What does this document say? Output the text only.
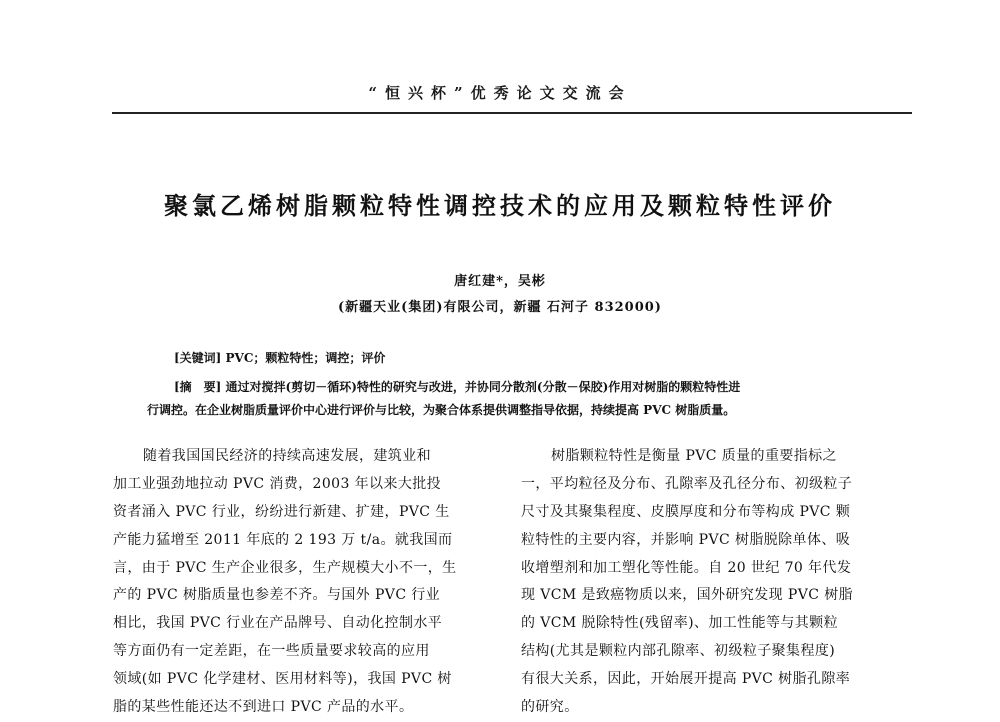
“恒兴杯”优秀论文交流会
聚氯乙烯树脂颗粒特性调控技术的应用及颗粒特性评价
唐红建*，吴彬
(新疆天业(集团)有限公司，新疆 石河子 832000)
[关键词] PVC；颗粒特性；调控；评价
[摘　要] 通过对搅拌(剪切－循环)特性的研究与改进，并协同分散剂(分散－保胶)作用对树脂的颗粒特性进
行调控。在企业树脂质量评价中心进行评价与比较，为聚合体系提供调整指导依据，持续提高 PVC 树脂质量。
随着我国国民经济的持续高速发展，建筑业和
加工业强劲地拉动 PVC 消费，2003 年以来大批投
资者涌入 PVC 行业，纷纷进行新建、扩建，PVC 生
产能力猛增至 2011 年底的 2 193 万 t/a。就我国而
言，由于 PVC 生产企业很多，生产规模大小不一，生
产的 PVC 树脂质量也参差不齐。与国外 PVC 行业
相比，我国 PVC 行业在产品牌号、自动化控制水平
等方面仍有一定差距，在一些质量要求较高的应用
领域(如 PVC 化学建材、医用材料等)，我国 PVC 树
脂的某些性能还达不到进口 PVC 产品的水平。
树脂颗粒特性是衡量 PVC 质量的重要指标之
一，平均粒径及分布、孔隙率及孔径分布、初级粒子
尺寸及其聚集程度、皮膜厚度和分布等构成 PVC 颗
粒特性的主要内容，并影响 PVC 树脂脱除单体、吸
收增塑剂和加工塑化等性能。自 20 世纪 70 年代发
现 VCM 是致癌物质以来，国外研究发现 PVC 树脂
的 VCM 脱除特性(残留率)、加工性能等与其颗粒
结构(尤其是颗粒内部孔隙率、初级粒子聚集程度)
有很大关系，因此，开始展开提高 PVC 树脂孔隙率
的研究。
